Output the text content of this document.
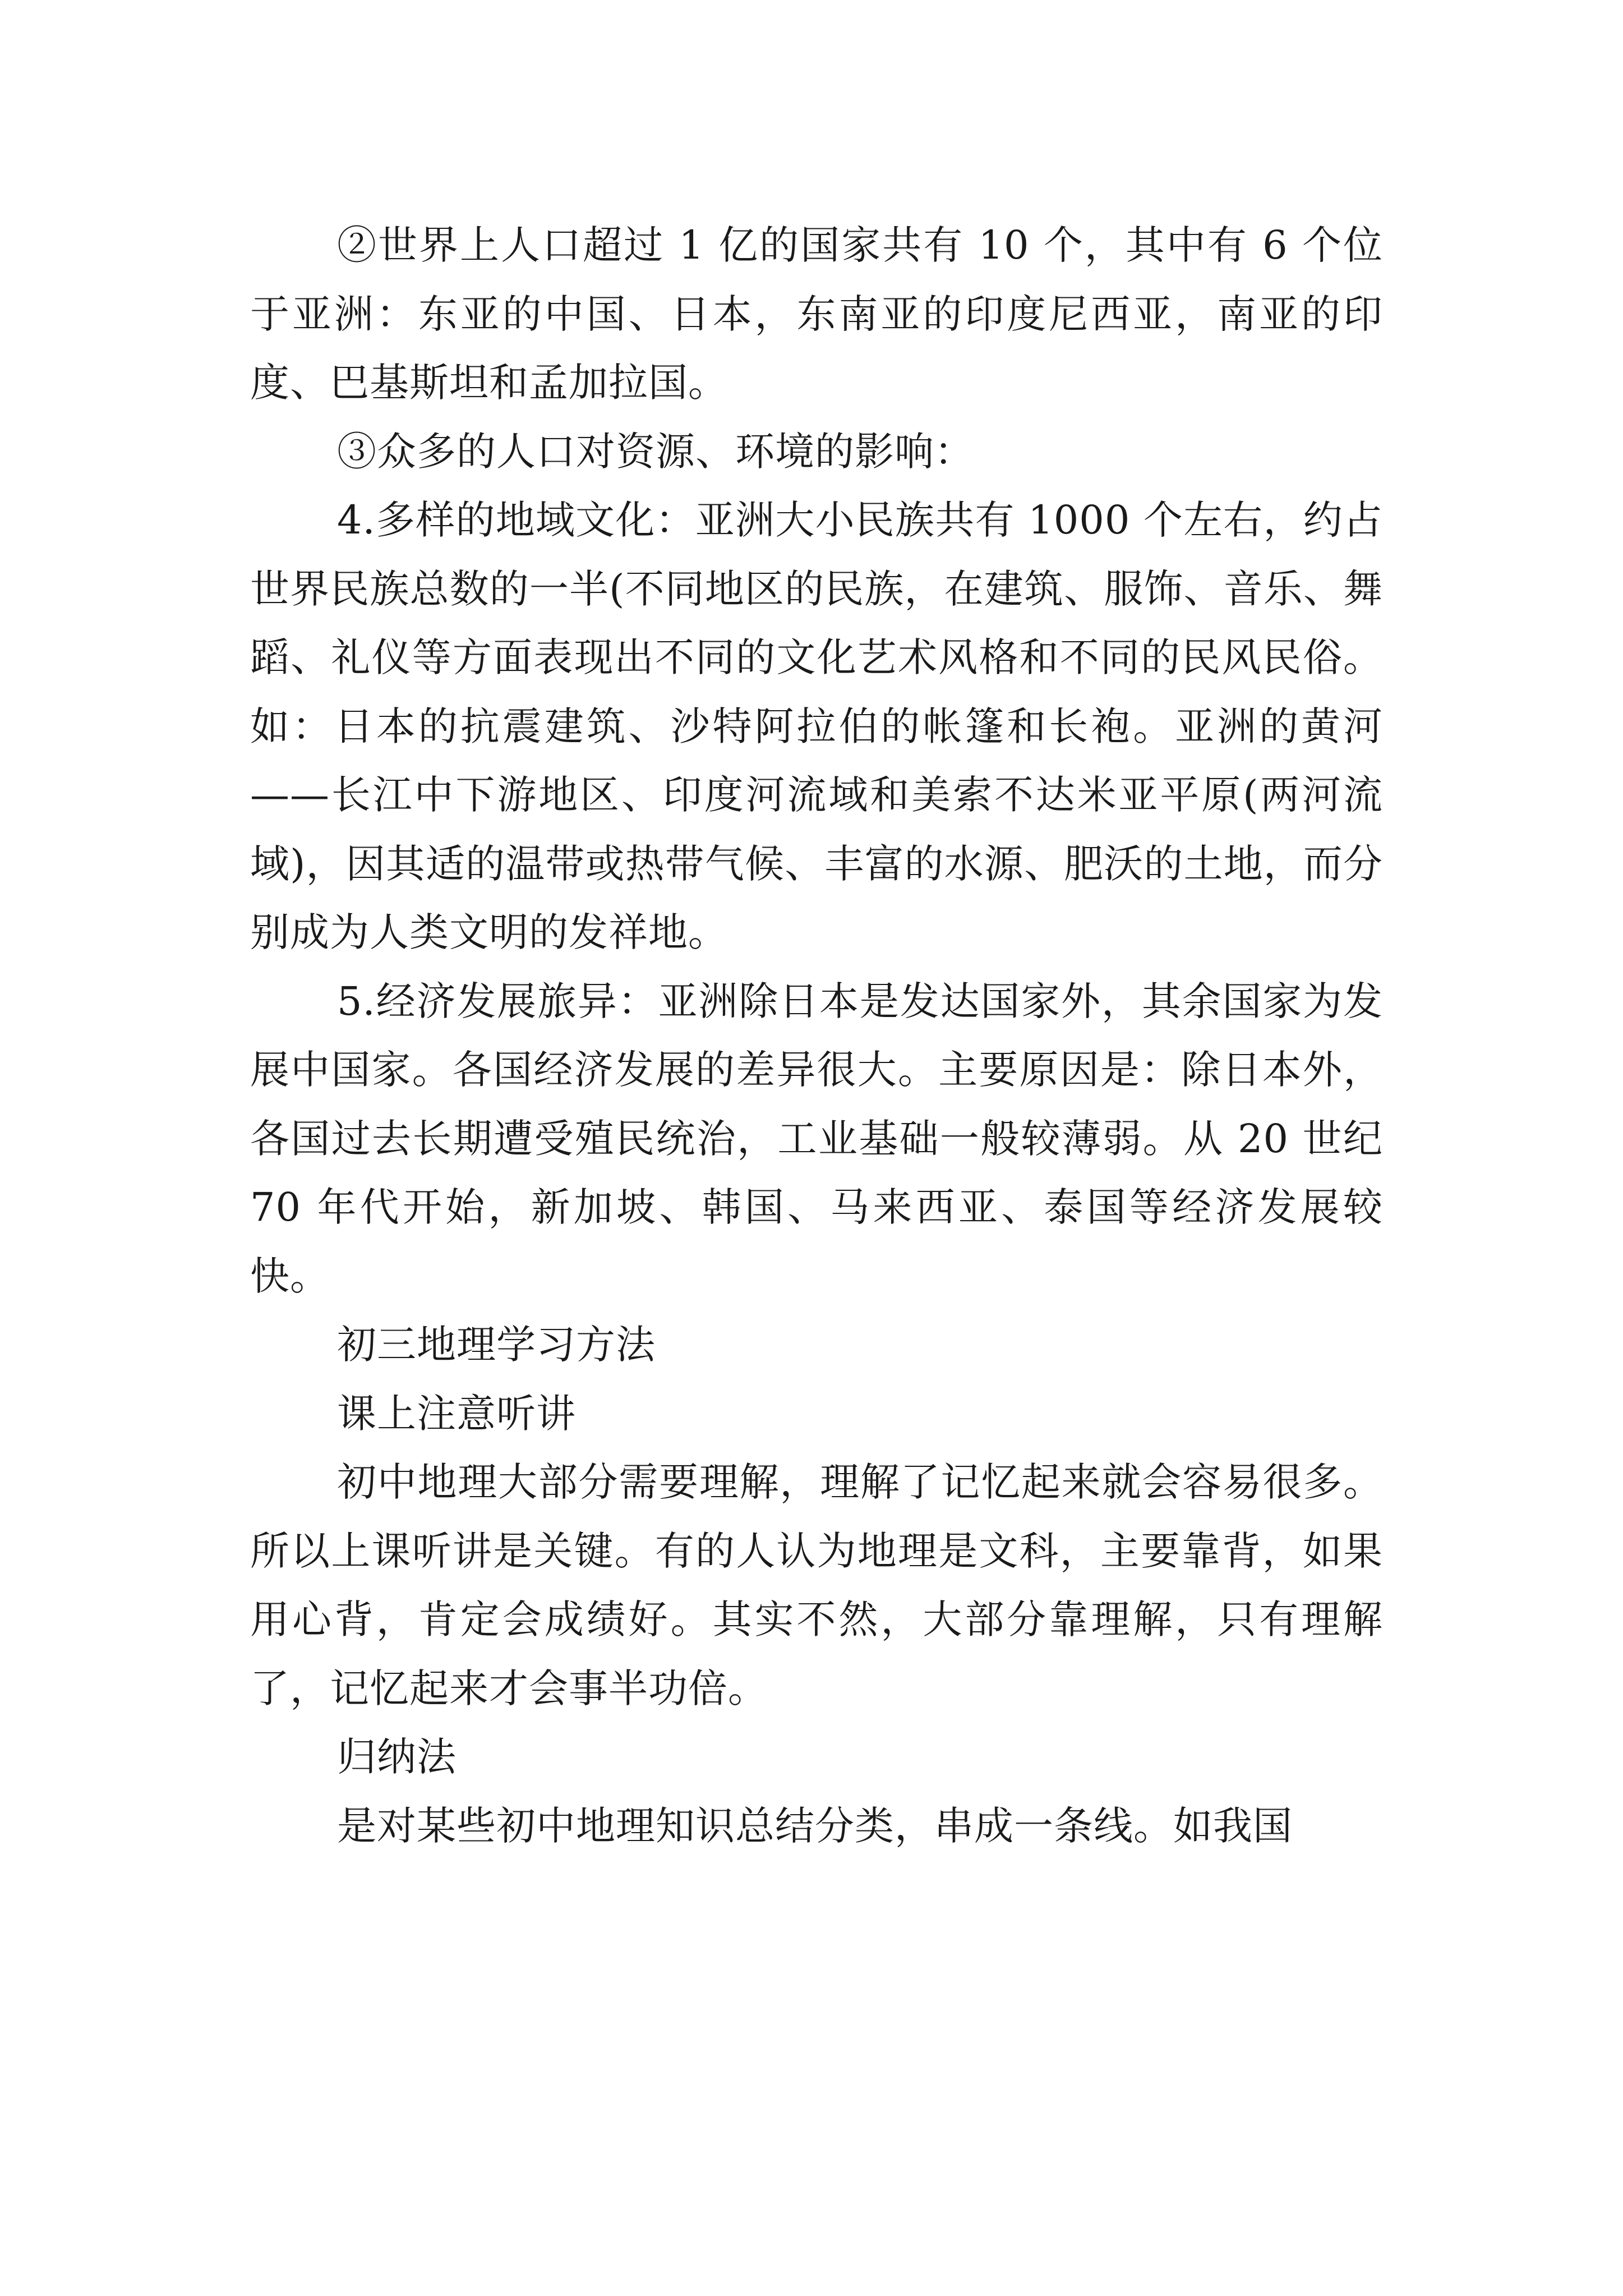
②世界上人口超过 1 亿的国家共有 10 个，其中有 6 个位于亚洲：东亚的中国、日本，东南亚的印度尼西亚，南亚的印度、巴基斯坦和孟加拉国。

③众多的人口对资源、环境的影响：

4.多样的地域文化：亚洲大小民族共有 1000 个左右，约占世界民族总数的一半(不同地区的民族，在建筑、服饰、音乐、舞蹈、礼仪等方面表现出不同的文化艺术风格和不同的民风民俗。如：日本的抗震建筑、沙特阿拉伯的帐篷和长袍。亚洲的黄河——长江中下游地区、印度河流域和美索不达米亚平原(两河流域)，因其适的温带或热带气候、丰富的水源、肥沃的土地，而分别成为人类文明的发祥地。

5.经济发展旅异：亚洲除日本是发达国家外，其余国家为发展中国家。各国经济发展的差异很大。主要原因是：除日本外，各国过去长期遭受殖民统治，工业基础一般较薄弱。从 20 世纪 70 年代开始，新加坡、韩国、马来西亚、泰国等经济发展较快。

初三地理学习方法

课上注意听讲

初中地理大部分需要理解，理解了记忆起来就会容易很多。所以上课听讲是关键。有的人认为地理是文科，主要靠背，如果用心背，肯定会成绩好。其实不然，大部分靠理解，只有理解了，记忆起来才会事半功倍。

归纳法

是对某些初中地理知识总结分类，串成一条线。如我国
